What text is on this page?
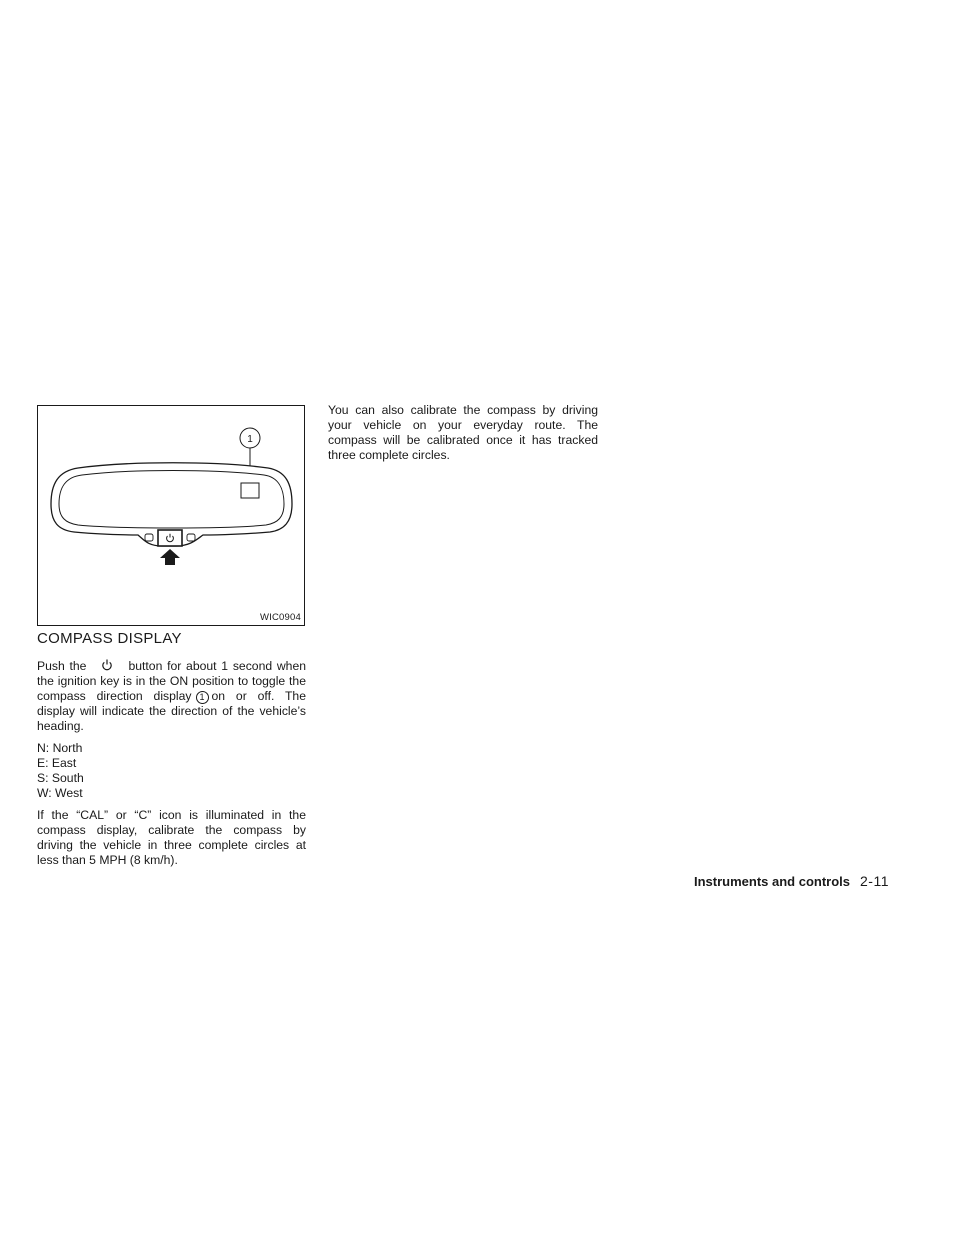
1
WIC0904
COMPASS DISPLAY

Push the	button for about 1 second when the ignition key is in the ON position to toggle the compass direction display 1 on or off. The display will indicate the direction of the vehicle’s heading.

N: North
E: East
S: South
W: West

If the “CAL” or “C” icon is illuminated in the compass display, calibrate the compass by driving the vehicle in three complete circles at less than 5 MPH (8 km/h).

You can also calibrate the compass by driving your vehicle on your everyday route. The compass will be calibrated once it has tracked three complete circles.

Instruments and controls 2-11
